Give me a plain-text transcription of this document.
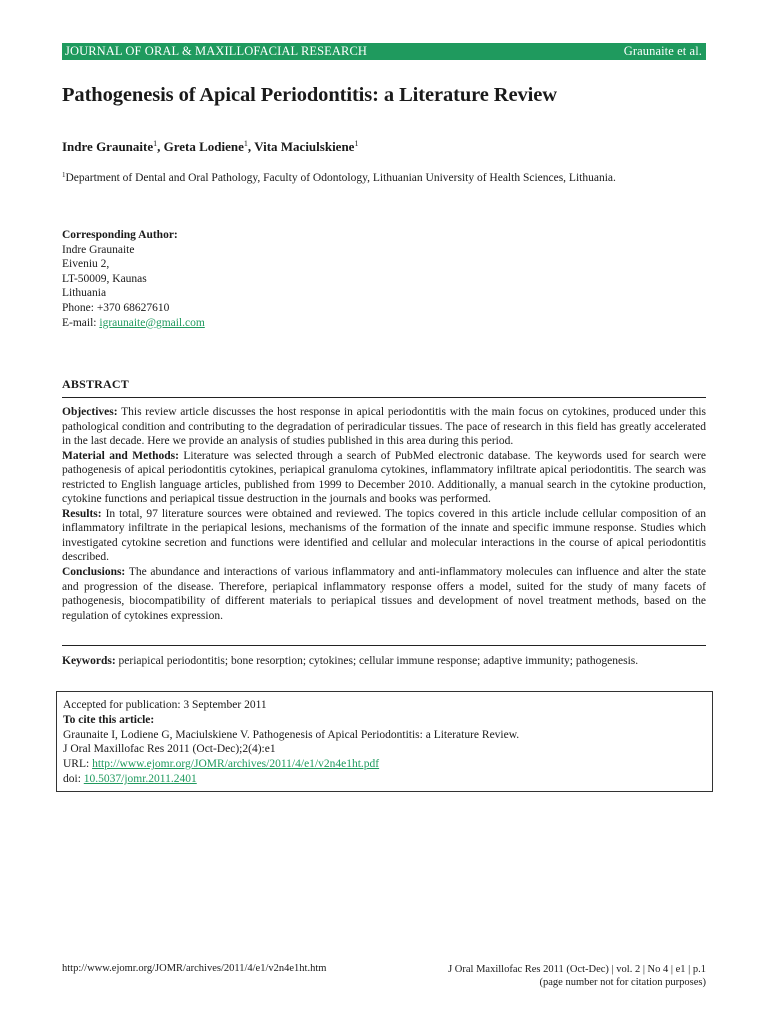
JOURNAL OF ORAL & MAXILLOFACIAL RESEARCH	Graunaite et al.
Pathogenesis of Apical Periodontitis: a Literature Review
Indre Graunaite$^1$, Greta Lodiene$^1$, Vita Maciulskiene$^1$
$^1$Department of Dental and Oral Pathology, Faculty of Odontology, Lithuanian University of Health Sciences, Lithuania.
Corresponding Author:
Indre Graunaite
Eiveniu 2,
LT-50009, Kaunas
Lithuania
Phone: +370 68627610
E-mail: igraunaite@gmail.com
ABSTRACT

Objectives: This review article discusses the host response in apical periodontitis with the main focus on cytokines, produced under this pathological condition and contributing to the degradation of periradicular tissues. The pace of research in this field has greatly accelerated in the last decade. Here we provide an analysis of studies published in this area during this period.

Material and Methods: Literature was selected through a search of PubMed electronic database. The keywords used for search were pathogenesis of apical periodontitis cytokines, periapical granuloma cytokines, inflammatory infiltrate apical periodontitis. The search was restricted to English language articles, published from 1999 to December 2010. Additionally, a manual search in the cytokine production, cytokine functions and periapical tissue destruction in the journals and books was performed.

Results: In total, 97 literature sources were obtained and reviewed. The topics covered in this article include cellular composition of an inflammatory infiltrate in the periapical lesions, mechanisms of the formation of the innate and specific immune response. Studies which investigated cytokine secretion and functions were identified and cellular and molecular interactions in the course of apical periodontitis described.

Conclusions: The abundance and interactions of various inflammatory and anti-inflammatory molecules can influence and alter the state and progression of the disease. Therefore, periapical inflammatory response offers a model, suited for the study of many facets of pathogenesis, biocompatibility of different materials to periapical tissues and development of novel treatment methods, based on the regulation of cytokines expression.

Keywords: periapical periodontitis; bone resorption; cytokines; cellular immune response; adaptive immunity; pathogenesis.
Accepted for publication: 3 September 2011
To cite this article:
Graunaite I, Lodiene G, Maciulskiene V. Pathogenesis of Apical Periodontitis: a Literature Review.
J Oral Maxillofac Res 2011 (Oct-Dec);2(4):e1
URL: http://www.ejomr.org/JOMR/archives/2011/4/e1/v2n4e1ht.pdf
doi: 10.5037/jomr.2011.2401
http://www.ejomr.org/JOMR/archives/2011/4/e1/v2n4e1ht.htm	J Oral Maxillofac Res 2011 (Oct-Dec) | vol. 2 | No 4 | e1 | p.1
(page number not for citation purposes)
